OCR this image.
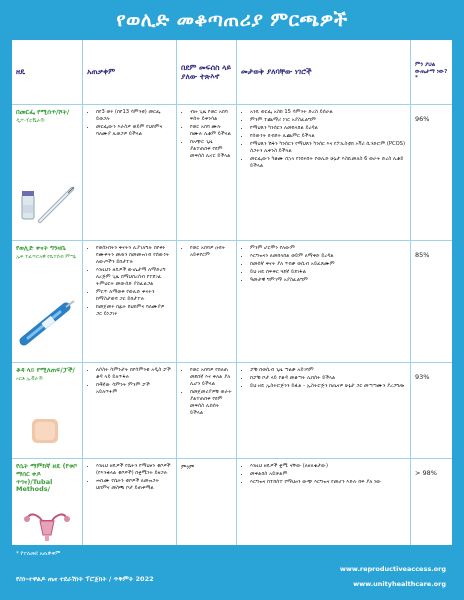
የወሊድ መቆጣጠሪያ ምርጫዎች
ዘዴ	አጠቃቀም
በደም መፍሰስ ላይ ያለው ተጽእኖ
መታወቅ ያለባቸው ነገሮች
ምን ያህል ውጤታማ ነው?*
በመርፌ የሚሰጥ/ሾት/
ዲፖ-ፕሮቬራ®
• በየ3 ወሩ (በየ13 ሳምንቱ) መርፌ ይወጋሉ
• መርፌውን እራስዎ ወይም የህክምና ባለሙያ ሊወጋዎ ይችላል
• ብዙ ጊዜ የወር አበባ ፍሰት ይቀንሳል
• የወር አበባ ሙሉ በሙሉ ሊቆም ይችላል
• በአጭር ጊዜ ያልተጠበቀ የደም መፍሰስ ሊኖር ይችላል
• አንዴ ወርፌ አስከ 15 ሳምንት ድረስ ይሰራል
• ምንም ተጨማሪ ነገር አያስፈልግም
• የማህጸን ካንሰርን ለመከላከል ይረዳል
• የሰውነት ክብደት ሊጨምር ይችላል
• የማህጸን ሽፋን ካንሰርን የማህጸን ካንሰር እና የፖሊስቲክ ኦቫሪ ሲንድሮም (PCOS) ስጋትን ሊቀንስ ይችላል
• መርፌውን ካቆሙ በኋላ የነበሩበት የወሊድ ሁኔታ እስኪመለስ 6 ወራት ድረስ ሊቆይ ይችላል
96%
የወሊድ ቀናት ግንዛቤ
ኢፍ ተፈጥሮአዊ የቤተሰብ ምጣኔ
• የወሰኑበትን ቀናትን ሊያገለግሉ በየቀኑ የሙቀትን መጠን በመመዝገብ የሰውነት ለውጦችን ይከታተሉ
• እነዚህን ዘዴዎች ውጤታማ ለማድረግ ለረጅም ጊዜ በማህበረሰብ የተደገፈ ትምህርት መውሰድ ያስፈልጋል
• ምርጥ ለማወቅ የወሊድ ቀናትን ከማስታወሻ ጋር ይከታተሉ
• ከመጀመሩ በፊት ከህክምና ባለሙያዎ ጋር ይነጋገሩ
• የወር አበባዎ ዑደት አይቀየርም
• ምንም ሆርሞን የለውም
• እርግዝናን ለመከላከል ወይም ለማቀድ ይረዳል
• በመሰኛ ቀናት ያለ ጥበቃ ወሲብ አይፈጸሙም
• ይህ ዘዴ በፍቅር ጓደኛ ይደገፋል
• ዓመታዊ ግምገማ አያስፈልግም
85%
ቆዳ ላይ የሚለጠፍ/ፓች/
ኦርቶ ኢቭራ®
• ለሶስት ሳምንታት በየሳምንቱ አዲስ ፓች ቆዳ ላይ ይለጥፋሉ
• በ4ኛው ሳምንት ምንም ፓች አይለጥፉም
• የወር አበባዎ የበለጠ መደበኛ እና ቀለል ያለ ሊሆን ይችላል
• በመጀመሪያዎቹ ወራት ያልተጠበቀ የደም መፍሰስ ሊከሰት ይችላል
• ፓቹ በወሲብ ጊዜ ጣልቃ አይገባም
• በፓቹ ቦታ ላይ የቆዳ መቆጣት ሊከሰት ይችላል
• ይህ ዘዴ ኢስትሮጅንን ይዟል - ኢስትሮጅን ከጤናዎ ሁኔታ ጋር መጣጣሙን ያረጋግጡ
93%
የሴት ማምከኛ ዘዴ (የቱቦ ማሰር ቀዶ ጥገና)/Tubal Methods/
• እነዚህ ዘዴዎች የሴትን የማህፀን ቱቦዎች (የእንቁላል ቱቦዎች) በቋሚነት ይዘጋሉ
• ሐኪሙ የሴትን ቱቦዎች ለመዝጋት ህክምና መስጫ ቦታ ይጠቀማል
ምንም
•	እነዚህ ዘዴዎች ቋሚ ናቸው (ለዘለቄታው)
• መቀልበስ አይቻልም
• እርግዝና ከተከሰተ የማህፀን ውጭ እርግዝና የመሆን እድሉ ከፍ ያለ ነው
> 98%
* የተለመደ አጠቃቀም
የስነ-ተዋልዶ ጤና ተደራሽነት ፕሮጀክት / ጥቅምት 2022
www.reproductiveaccess.org
www.unityhealthcare.org
